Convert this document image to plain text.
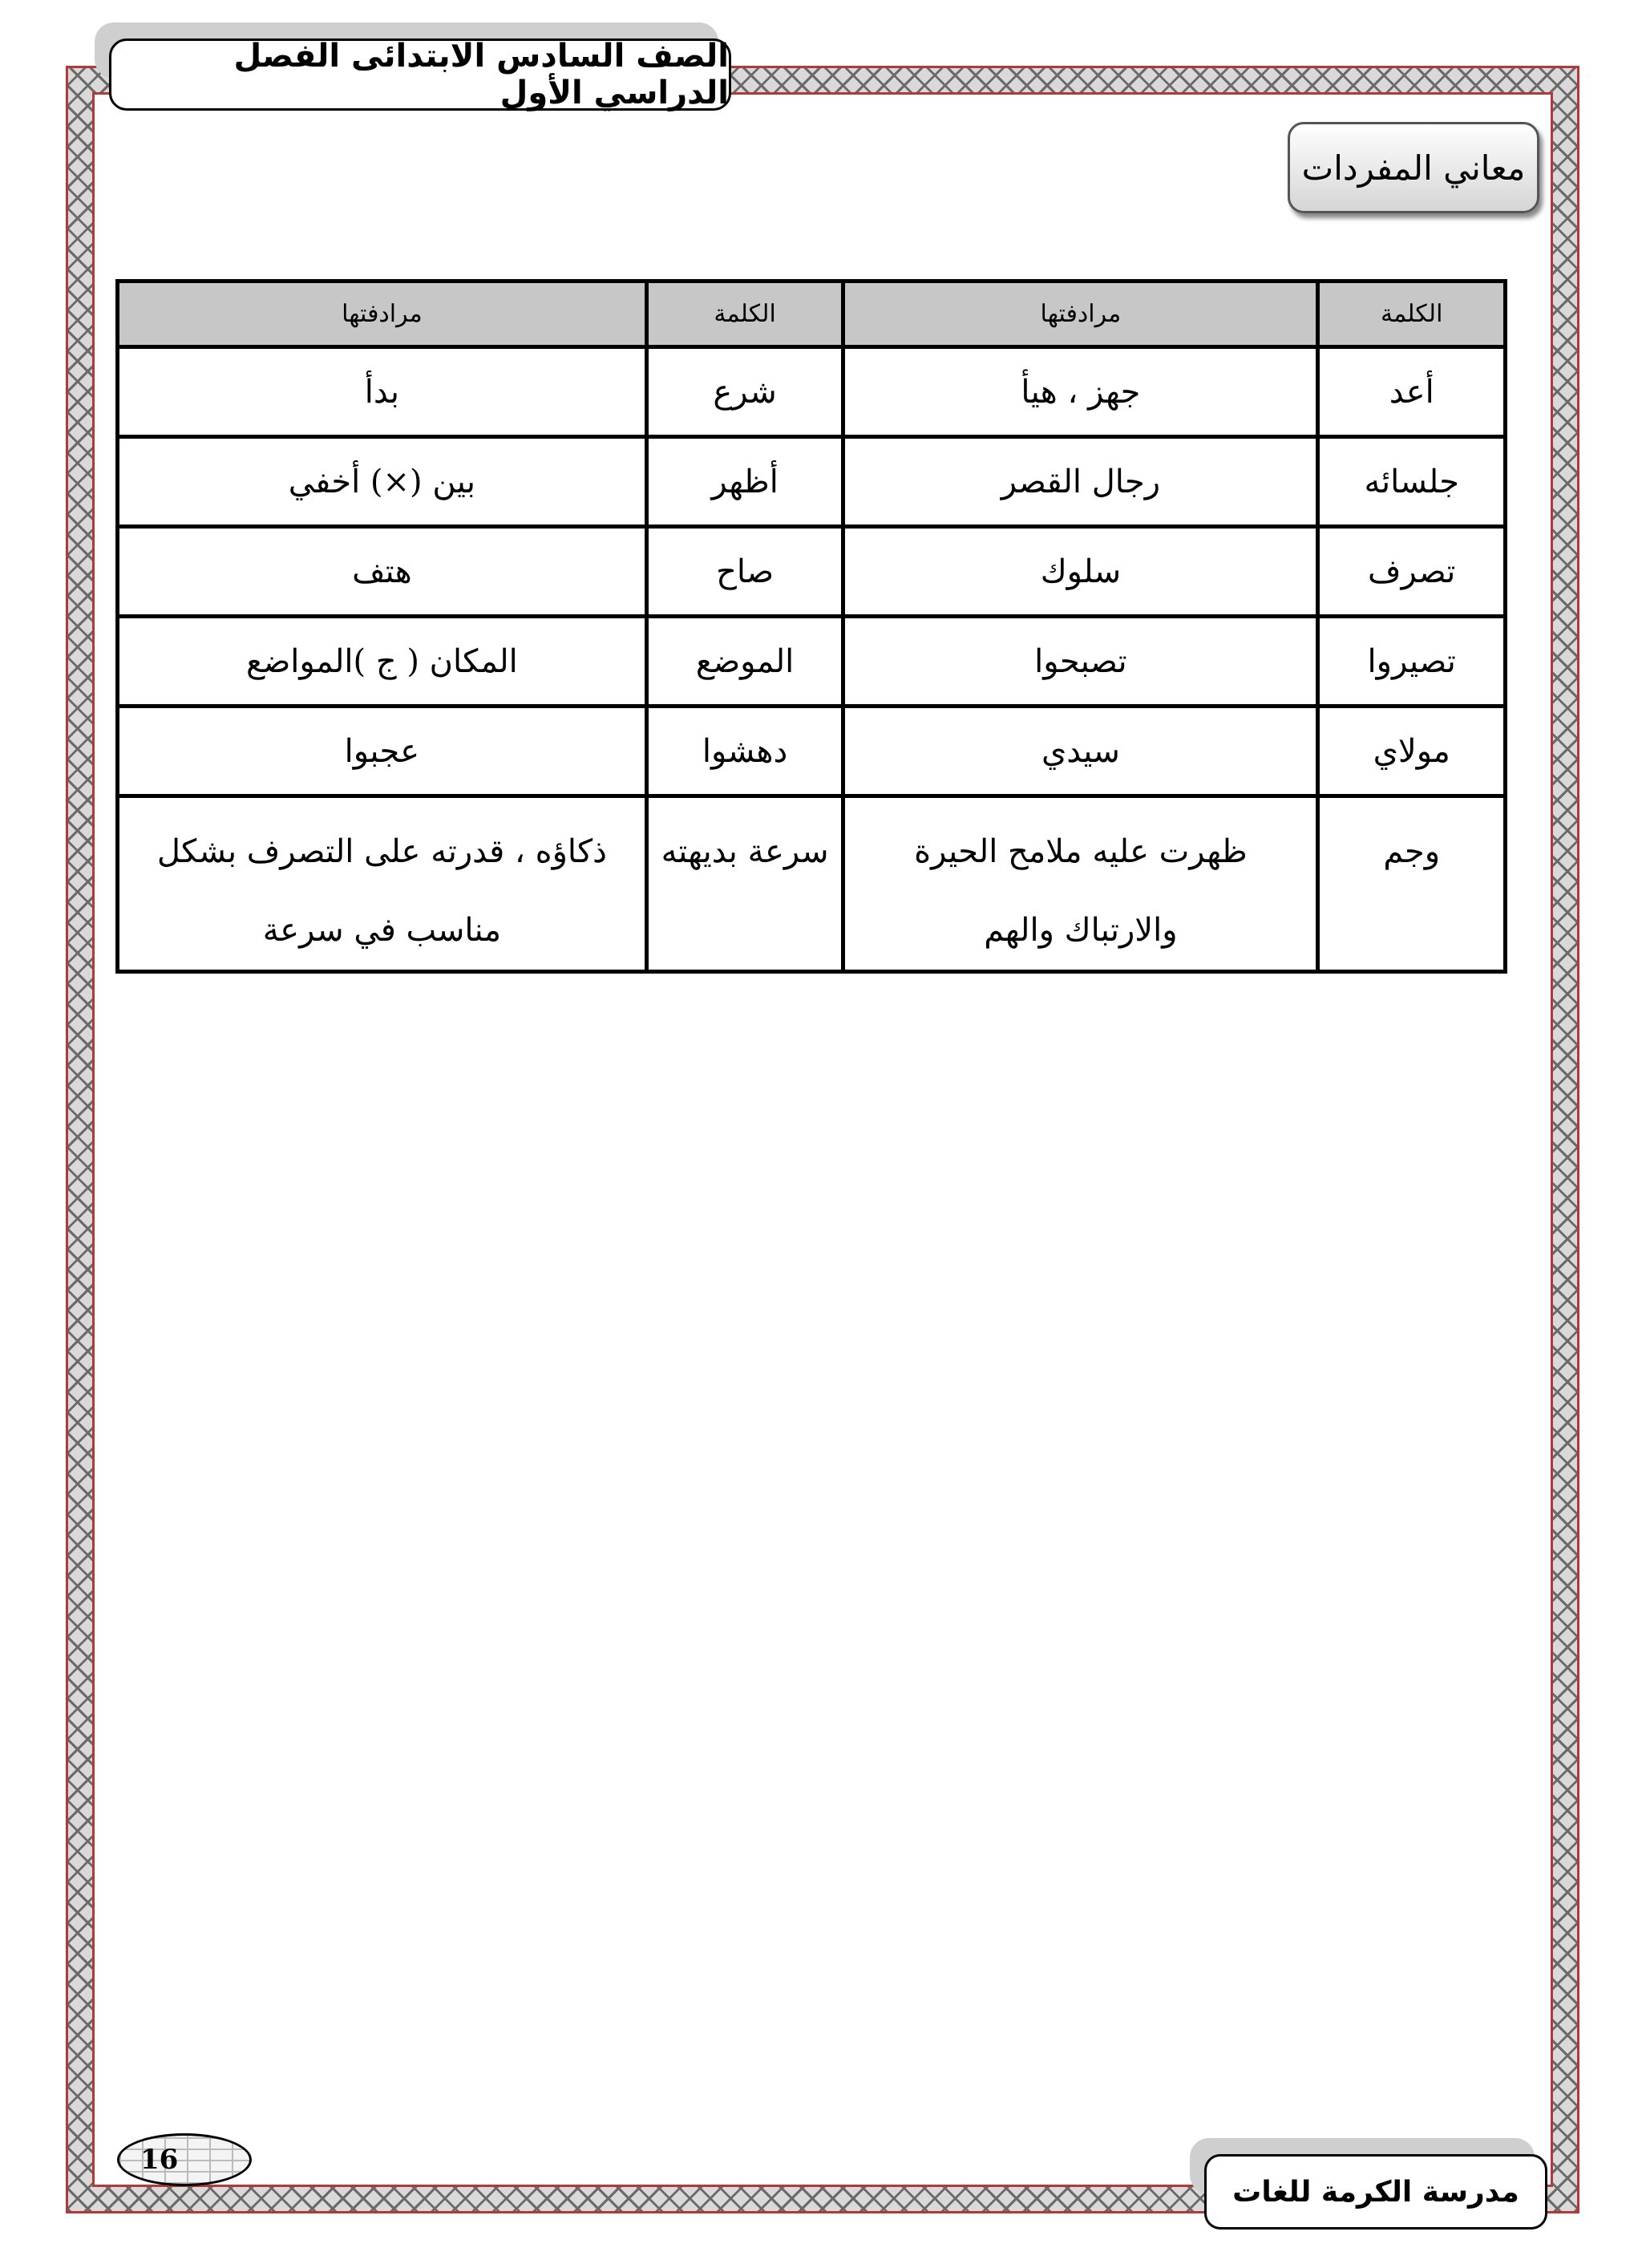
الصف السادس الابتدائى الفصل الدراسي الأول
معاني المفردات
الكلمة	مرادفتها	الكلمة	مرادفتها
أعد	جهز ، هيأ	شرع	بدأ
جلسائه	رجال القصر	أظهر	بين (×) أخفي
تصرف	سلوك	صاح	هتف
تصيروا	تصبحوا	الموضع	المكان ( ج )المواضع
مولاي	سيدي	دهشوا	عجبوا
وجم	ظهرت عليه ملامح الحيرة والارتباك والهم	سرعة بديهته	ذكاؤه ، قدرته على التصرف بشكل مناسب في سرعة
16
مدرسة الكرمة للغات
